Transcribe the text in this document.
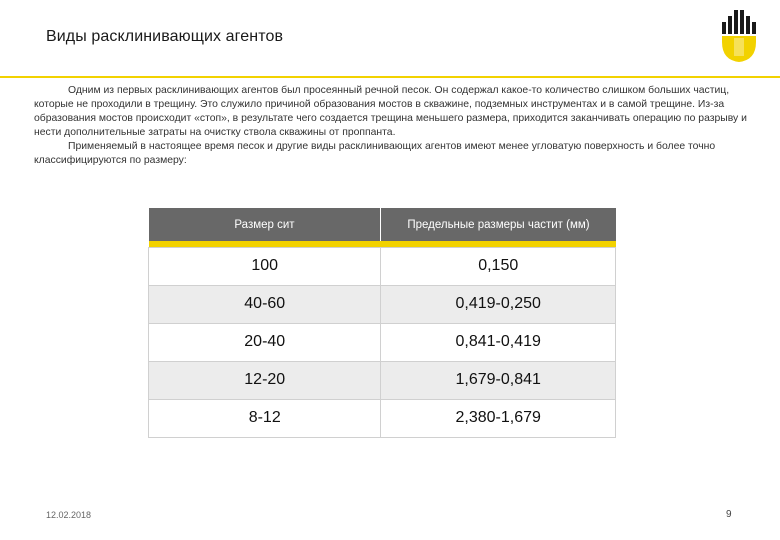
Виды расклинивающих агентов

Одним из первых расклинивающих агентов был просеянный речной песок. Он содержал какое-то количество слишком больших частиц, которые не проходили в трещину. Это служило причиной образования мостов в скважине, подземных инструментах и в самой трещине. Из-за образования мостов происходит «стоп», в результате чего создается трещина меньшего размера, приходится заканчивать операцию по разрыву и нести дополнительные затраты на очистку ствола скважины от проппанта.

Применяемый в настоящее время песок и другие виды расклинивающих агентов имеют менее угловатую поверхность и более точно классифицируются по размеру:

Размер сит	Предельные размеры частит (мм)

100	0,150
40-60	0,419-0,250
20-40	0,841-0,419
12-20	1,679-0,841
8-12	2,380-1,679
12.02.2018	9
